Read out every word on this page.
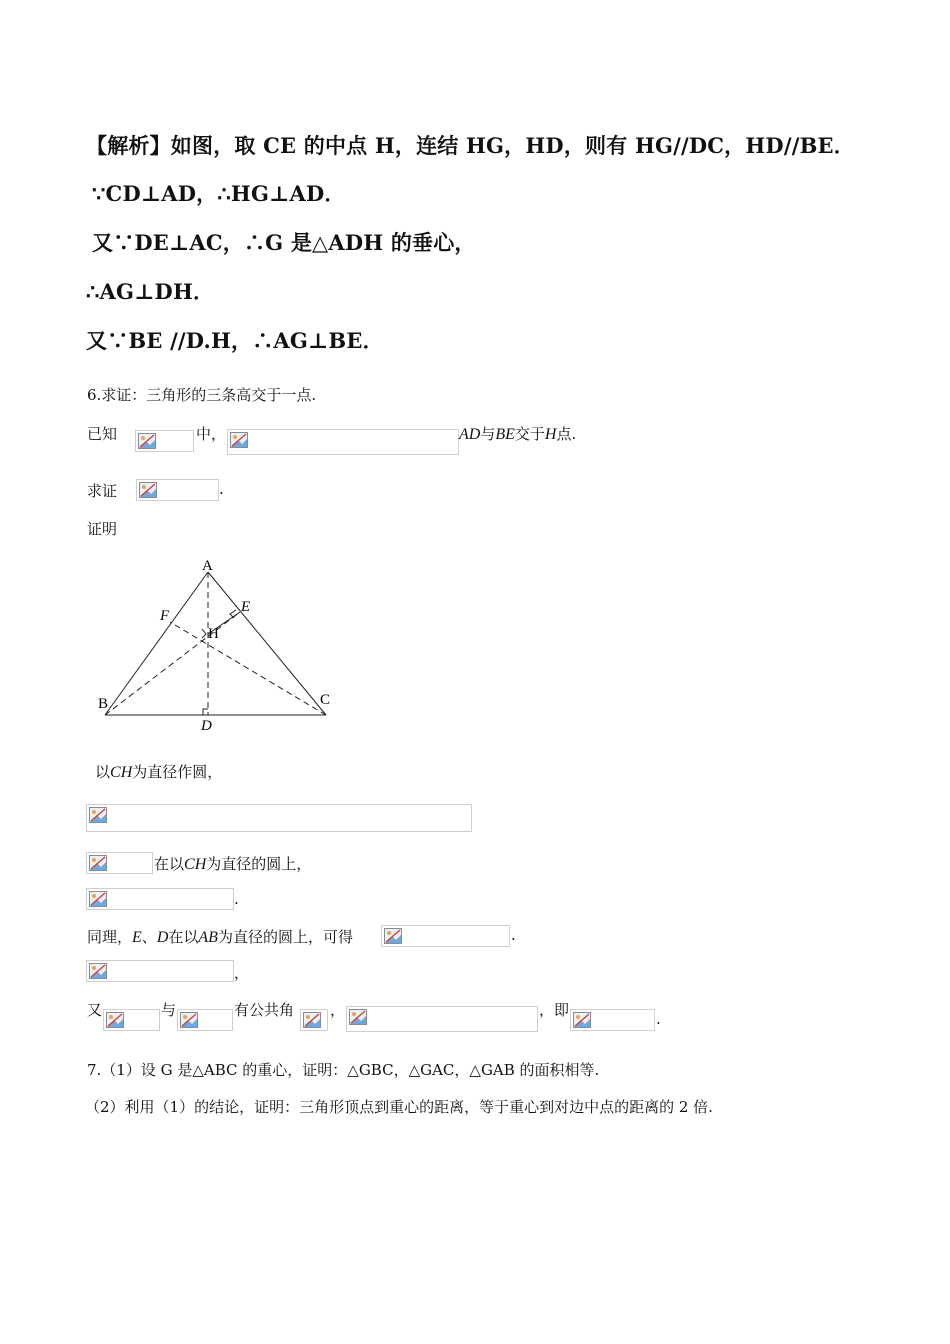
【解析】如图，取 CE 的中点 H，连结 HG，HD，则有 HG//DC，HD//BE．
∵CD⊥AD，∴HG⊥AD．
又∵DE⊥AC，∴G 是△ADH 的垂心，
∴AG⊥DH．
又∵BE //D.H，∴AG⊥BE．
6.求证：三角形的三条高交于一点.
已知	中，	AD与BE交于H点.
求证	.
证明
A
B	C
D
E
F
H
以CH为直径作圆，
在以CH为直径的圆上，
.
同理，E、D在以AB为直径的圆上，可得	.
，
又	与	有公共角 ，	，即	.
7.（1）设 G 是△ABC 的重心，证明：△GBC，△GAC，△GAB 的面积相等.
（2）利用（1）的结论，证明：三角形顶点到重心的距离，等于重心到对边中点的距离的 2 倍.
